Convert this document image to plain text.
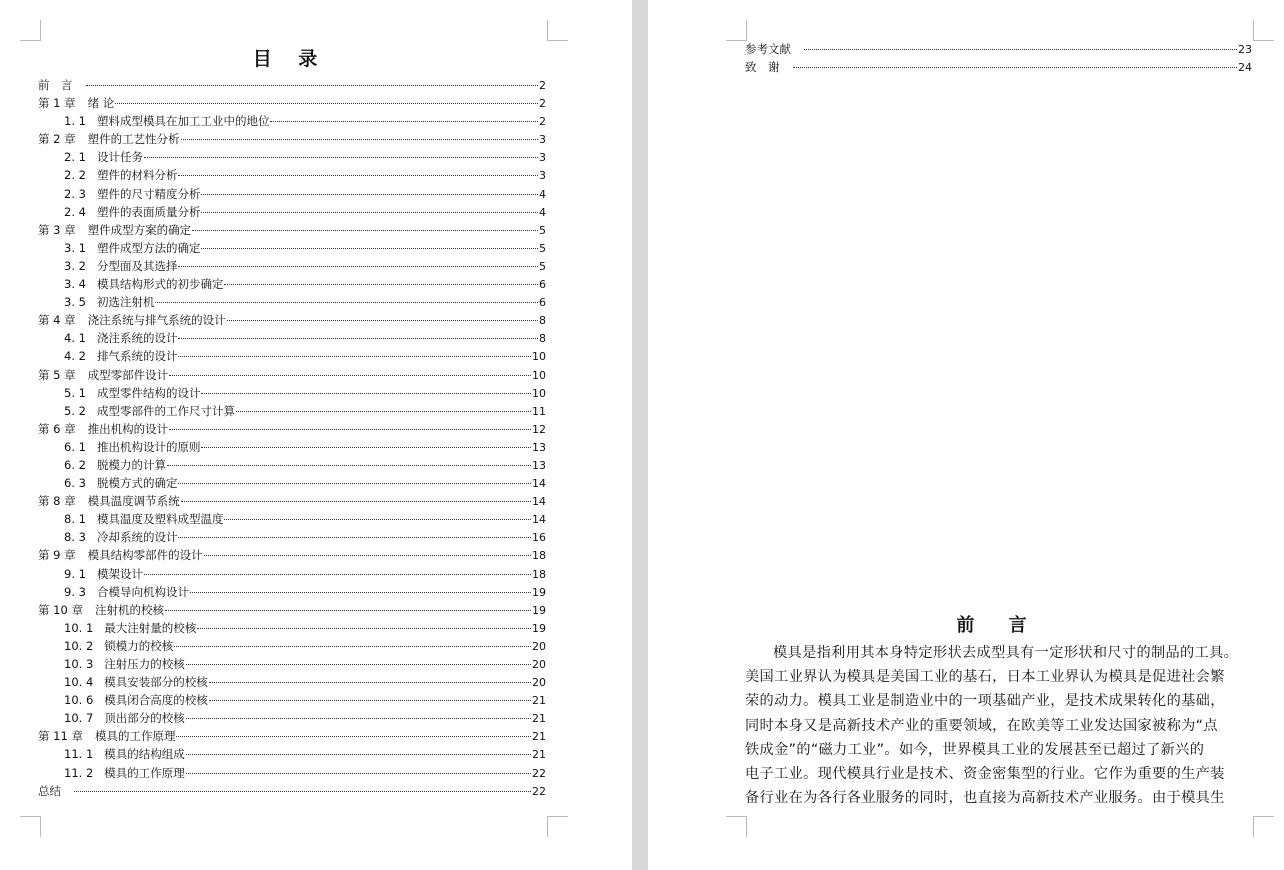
目 录
前　言	2
第 1 章 绪 论	2
1. 1 塑料成型模具在加工工业中的地位	2
第 2 章 塑件的工艺性分析	3
2. 1 设计任务	3
2. 2 塑件的材料分析	3
2. 3 塑件的尺寸精度分析	4
2. 4 塑件的表面质量分析	4
第 3 章 塑件成型方案的确定	5
3. 1 塑件成型方法的确定	5
3. 2 分型面及其选择	5
3. 4 模具结构形式的初步确定	6
3. 5 初选注射机	6
第 4 章 浇注系统与排气系统的设计	8
4. 1 浇注系统的设计	8
4. 2 排气系统的设计	10
第 5 章 成型零部件设计	10
5. 1 成型零件结构的设计	10
5. 2 成型零部件的工作尺寸计算	11
第 6 章 推出机构的设计	12
6. 1 推出机构设计的原则	13
6. 2 脱模力的计算	13
6. 3 脱模方式的确定	14
第 8 章 模具温度调节系统	14
8. 1 模具温度及塑料成型温度	14
8. 3 冷却系统的设计	16
第 9 章 模具结构零部件的设计	18
9. 1 模架设计	18
9. 3 合模导向机构设计	19
第 10 章 注射机的校核	19
10. 1 最大注射量的校核	19
10. 2 锁模力的校核	20
10. 3 注射压力的校核	20
10. 4 模具安装部分的校核	20
10. 6 模具闭合高度的校核	21
10. 7 顶出部分的校核	21
第 11 章 模具的工作原理	21
11. 1 模具的结构组成	21
11. 2 模具的工作原理	22
总结	22
参考文献	23
致　谢	24
前 言
模具是指利用其本身特定形状去成型具有一定形状和尺寸的制品的工具。
美国工业界认为模具是美国工业的基石，日本工业界认为模具是促进社会繁
荣的动力。模具工业是制造业中的一项基础产业，是技术成果转化的基础，
同时本身又是高新技术产业的重要领域，在欧美等工业发达国家被称为“点
铁成金”的“磁力工业”。如今，世界模具工业的发展甚至已超过了新兴的
电子工业。现代模具行业是技术、资金密集型的行业。它作为重要的生产装
备行业在为各行各业服务的同时，也直接为高新技术产业服务。由于模具生
